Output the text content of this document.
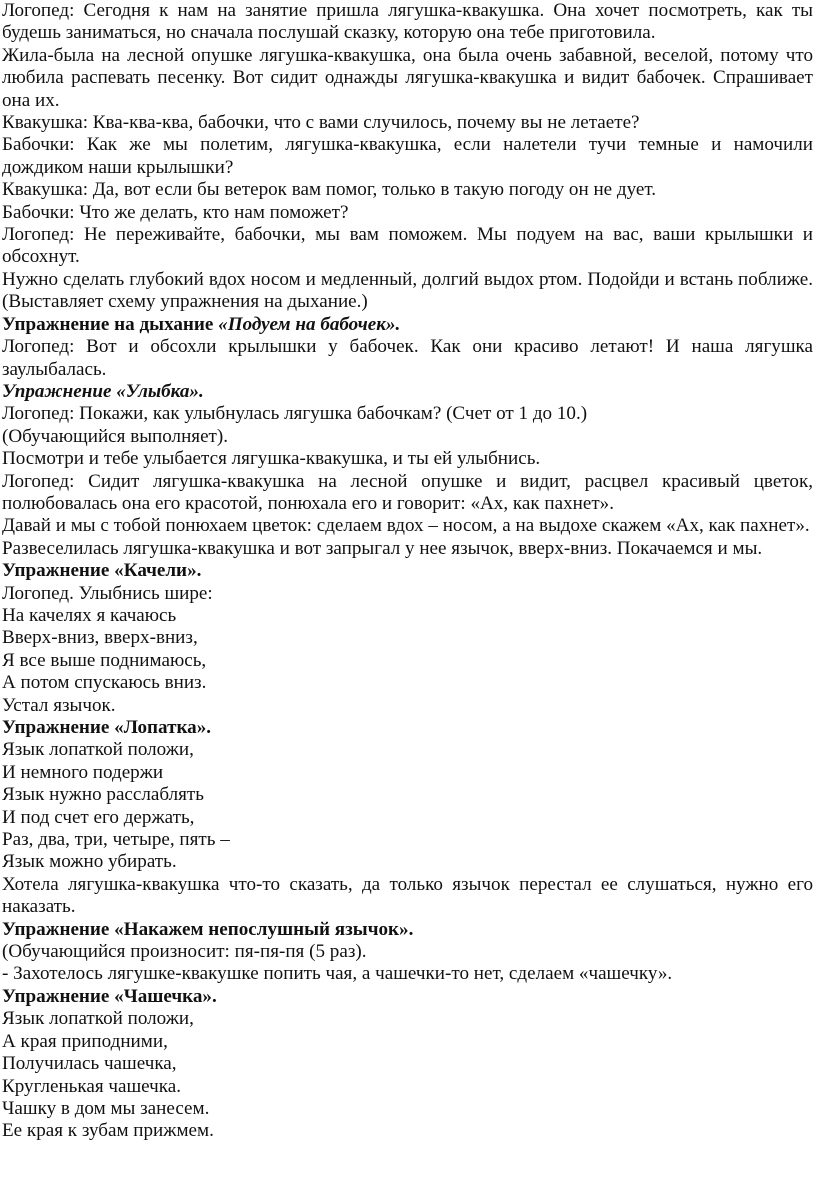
Логопед: Сегодня к нам на занятие пришла лягушка-квакушка. Она хочет посмотреть, как ты будешь заниматься, но сначала послушай сказку, которую она тебе приготовила.

Жила-была на лесной опушке лягушка-квакушка, она была очень забавной, веселой, потому что любила распевать песенку. Вот сидит однажды лягушка-квакушка и видит бабочек. Спрашивает она их.

Квакушка: Ква-ква-ква, бабочки, что с вами случилось, почему вы не летаете?

Бабочки: Как же мы полетим, лягушка-квакушка, если налетели тучи темные и намочили дождиком наши крылышки?

Квакушка: Да, вот если бы ветерок вам помог, только в такую погоду он не дует.

Бабочки: Что же делать, кто нам поможет?

Логопед: Не переживайте, бабочки, мы вам поможем. Мы подуем на вас, ваши крылышки и обсохнут.

Нужно сделать глубокий вдох носом и медленный, долгий выдох ртом. Подойди и встань поближе. (Выставляет схему упражнения на дыхание.)

Упражнение на дыхание «Подуем на бабочек».

Логопед: Вот и обсохли крылышки у бабочек. Как они красиво летают! И наша лягушка заулыбалась.

Упражнение «Улыбка».

Логопед: Покажи, как улыбнулась лягушка бабочкам? (Счет от 1 до 10.)

(Обучающийся выполняет).

Посмотри и тебе улыбается лягушка-квакушка, и ты ей улыбнись.

Логопед: Сидит лягушка-квакушка на лесной опушке и видит, расцвел красивый цветок, полюбовалась она его красотой, понюхала его и говорит: «Ах, как пахнет».

Давай и мы с тобой понюхаем цветок: сделаем вдох – носом, а на выдохе скажем «Ах, как пахнет».

Развеселилась лягушка-квакушка и вот запрыгал у нее язычок, вверх-вниз. Покачаемся и мы.

Упражнение «Качели».

Логопед. Улыбнись шире:

На качелях я качаюсь

Вверх-вниз, вверх-вниз,

Я все выше поднимаюсь,

А потом спускаюсь вниз.

Устал язычок.

Упражнение «Лопатка».

Язык лопаткой положи,

И немного подержи

Язык нужно расслаблять

И под счет его держать,

Раз, два, три, четыре, пять –

Язык можно убирать.

Хотела лягушка-квакушка что-то сказать, да только язычок перестал ее слушаться, нужно его наказать.

Упражнение «Накажем непослушный язычок».

(Обучающийся произносит: пя-пя-пя (5 раз).

- Захотелось лягушке-квакушке попить чая, а чашечки-то нет, сделаем «чашечку».

Упражнение «Чашечка».

Язык лопаткой положи,

А края приподними,

Получилась чашечка,

Кругленькая чашечка.

Чашку в дом мы занесем.

Ее края к зубам прижмем.
